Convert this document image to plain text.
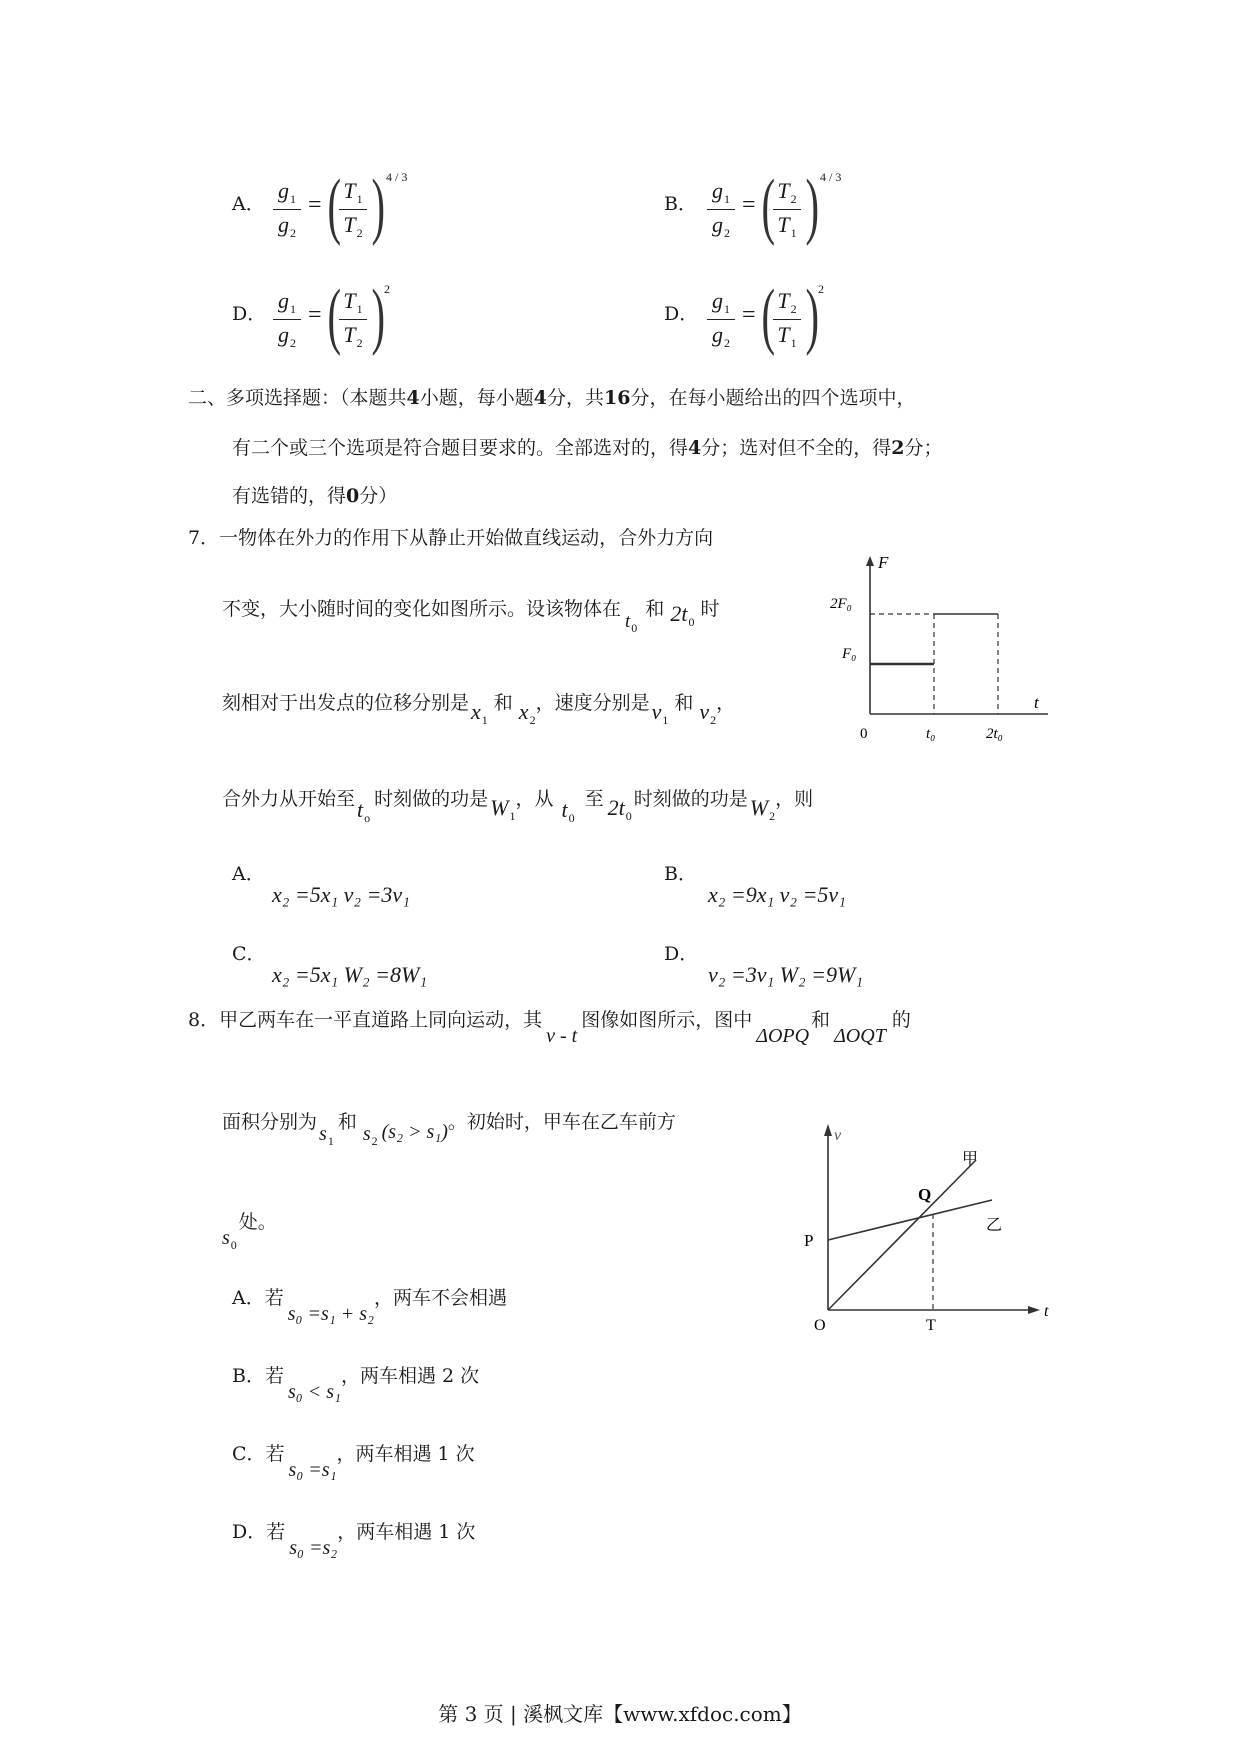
A．
$g_1$
$g_2$
= ( $T_1$
$T_2$ ) 4 / 3
B．
$g_1$
$g_2$
= ( $T_2$
$T_1$ ) 4 / 3
D．
$g_1$
$g_2$
= ( $T_1$
$T_2$ )
2
D．
$g_1$
$g_2$
= ( $T_2$
$T_1$ )
2
二、多项选择题：（本题共4小题，每小题4分，共16分，在每小题给出的四个选项中，
有二个或三个选项是符合题目要求的。全部选对的，得4分；选对但不全的，得2分；
有选错的，得0分）
7．一物体在外力的作用下从静止开始做直线运动，合外力方向
不变，大小随时间的变化如图所示。设该物体在$t_0$和 $2t_0$时
刻相对于出发点的位移分别是$x_1$和 $x_2$，速度分别是$v_1$和 $v_2$，
合外力从开始至$t_o$时刻做的功是$W_1$，从 $t_0$至 $2t_0$时刻做的功是$W_2$，则
A．
x₂ =5x₁ v₂ =3v₁
B．
x₂ =9x₁ v₂ =5v₁
C．
x₂ =5x₁ W₂ =8W₁
D．
v₂ =3v₁ W₂ =9W₁
F
t
0
2F₀
F₀
t₀	2t₀
8．甲乙两车在一平直道路上同向运动，其v - t图像如图所示，图中ΔOPQ和ΔOQT的
面积分别为$s_1$和$s_2$ (s₂ > s₁)。初始时，甲车在乙车前方
$s_0$处。
A．若s₀ =s₁ + s₂，两车不会相遇
B．若s₀ < s₁，两车相遇 2 次
C．若s₀ =s₁，两车相遇 1 次
D．若s₀ =s₂，两车相遇 1 次
v
t
O
P
Q
T
甲
乙
第 3 页 | 溪枫文库【www.xfdoc.com】
